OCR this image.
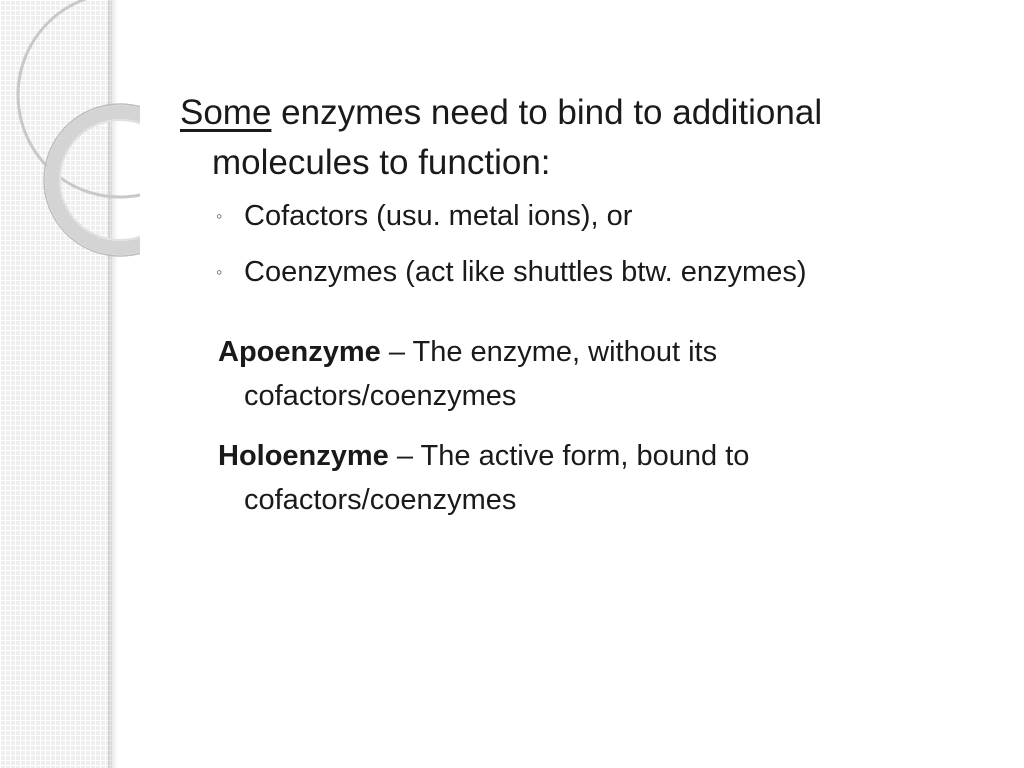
Some enzymes need to bind to additional molecules to function:

◦ Cofactors (usu. metal ions), or
◦ Coenzymes (act like shuttles btw. enzymes)

Apoenzyme – The enzyme, without its cofactors/coenzymes

Holoenzyme – The active form, bound to cofactors/coenzymes
